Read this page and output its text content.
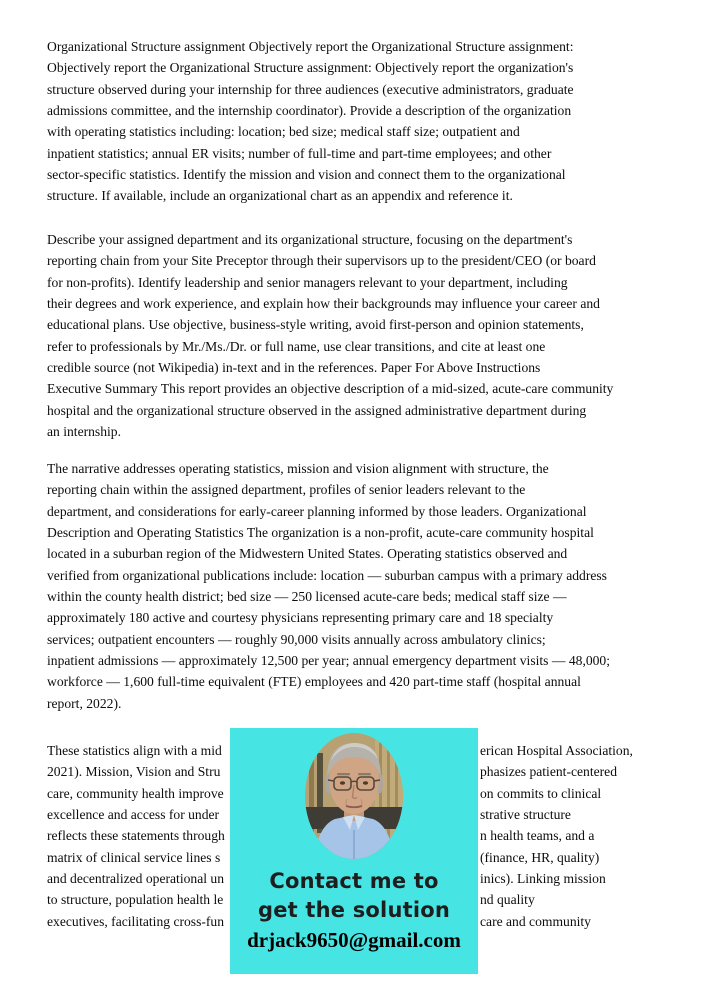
Organizational Structure assignment Objectively report the Organizational Structure assignment:
Objectively report the Organizational Structure assignment: Objectively report the organization's
structure observed during your internship for three audiences (executive administrators, graduate
admissions committee, and the internship coordinator). Provide a description of the organization
with operating statistics including: location; bed size; medical staff size; outpatient and
inpatient statistics; annual ER visits; number of full-time and part-time employees; and other
sector-specific statistics. Identify the mission and vision and connect them to the organizational
structure. If available, include an organizational chart as an appendix and reference it.
Describe your assigned department and its organizational structure, focusing on the department's
reporting chain from your Site Preceptor through their supervisors up to the president/CEO (or board
for non-profits). Identify leadership and senior managers relevant to your department, including
their degrees and work experience, and explain how their backgrounds may influence your career and
educational plans. Use objective, business-style writing, avoid first-person and opinion statements,
refer to professionals by Mr./Ms./Dr. or full name, use clear transitions, and cite at least one
credible source (not Wikipedia) in-text and in the references. Paper For Above Instructions
Executive Summary This report provides an objective description of a mid-sized, acute-care community
hospital and the organizational structure observed in the assigned administrative department during
an internship.
The narrative addresses operating statistics, mission and vision alignment with structure, the
reporting chain within the assigned department, profiles of senior leaders relevant to the
department, and considerations for early-career planning informed by those leaders. Organizational
Description and Operating Statistics The organization is a non-profit, acute-care community hospital
located in a suburban region of the Midwestern United States. Operating statistics observed and
verified from organizational publications include: location — suburban campus with a primary address
within the county health district; bed size — 250 licensed acute-care beds; medical staff size —
approximately 180 active and courtesy physicians representing primary care and 18 specialty
services; outpatient encounters — roughly 90,000 visits annually across ambulatory clinics;
inpatient admissions — approximately 12,500 per year; annual emergency department visits — 48,000;
workforce — 1,600 full-time equivalent (FTE) employees and 420 part-time staff (hospital annual
report, 2022).
These statistics align with a mid	erican Hospital Association,
2021). Mission, Vision and Stru	phasizes patient-centered
care, community health improve	on commits to clinical
excellence and access for under	strative structure
reflects these statements through	n health teams, and a
matrix of clinical service lines s	(finance, HR, quality)
and decentralized operational un	inics). Linking mission
to structure, population health le	nd quality
executives, facilitating cross-fun	care and community
Contact me to
get the solution
drjack9650@gmail.com
